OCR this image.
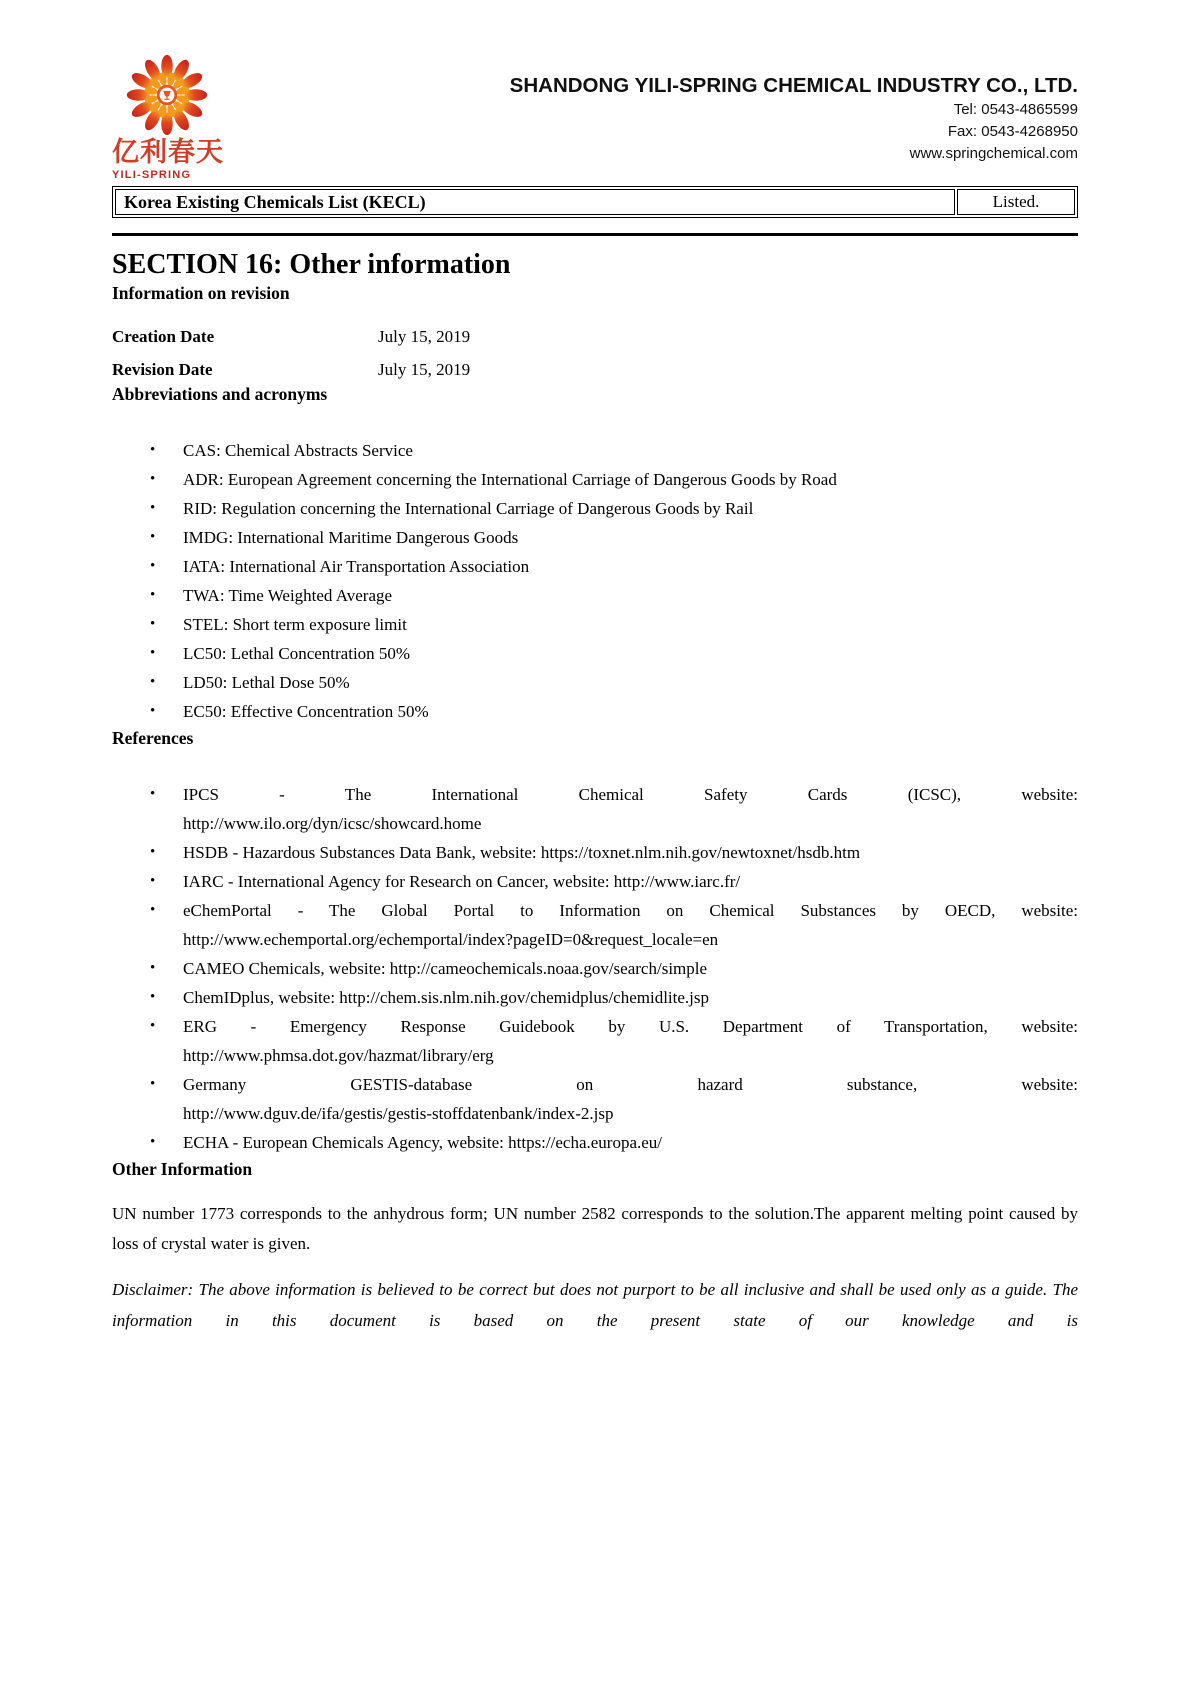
亿利春天
YILI-SPRING
SHANDONG YILI-SPRING CHEMICAL INDUSTRY CO., LTD.
Tel: 0543-4865599
Fax: 0543-4268950
www.springchemical.com
Korea Existing Chemicals List (KECL)	Listed.
SECTION 16: Other information
Information on revision
Creation Date	July 15, 2019
Revision Date	July 15, 2019
Abbreviations and acronyms
•	CAS: Chemical Abstracts Service
•	ADR: European Agreement concerning the International Carriage of Dangerous Goods by Road
•	RID: Regulation concerning the International Carriage of Dangerous Goods by Rail
•	IMDG: International Maritime Dangerous Goods
•	IATA: International Air Transportation Association
•	TWA: Time Weighted Average
•	STEL: Short term exposure limit
•	LC50: Lethal Concentration 50%
•	LD50: Lethal Dose 50%
•	EC50: Effective Concentration 50%
References
•	IPCS - The International Chemical Safety Cards (ICSC), website:
http://www.ilo.org/dyn/icsc/showcard.home
•	HSDB - Hazardous Substances Data Bank, website: https://toxnet.nlm.nih.gov/newtoxnet/hsdb.htm
•	IARC - International Agency for Research on Cancer, website: http://www.iarc.fr/
•	eChemPortal - The Global Portal to Information on Chemical Substances by OECD, website:
http://www.echemportal.org/echemportal/index?pageID=0&request_locale=en
•	CAMEO Chemicals, website: http://cameochemicals.noaa.gov/search/simple
•	ChemIDplus, website: http://chem.sis.nlm.nih.gov/chemidplus/chemidlite.jsp
•	ERG - Emergency Response Guidebook by U.S. Department of Transportation, website:
http://www.phmsa.dot.gov/hazmat/library/erg
•	Germany GESTIS-database on hazard substance, website:
http://www.dguv.de/ifa/gestis/gestis-stoffdatenbank/index-2.jsp
•	ECHA - European Chemicals Agency, website: https://echa.europa.eu/
Other Information

UN number 1773 corresponds to the anhydrous form; UN number 2582 corresponds to the solution.The apparent melting point caused by loss of crystal water is given.

Disclaimer: The above information is believed to be correct but does not purport to be all inclusive and shall be used only as a guide. The information in this document is based on the present state of our knowledge and is
